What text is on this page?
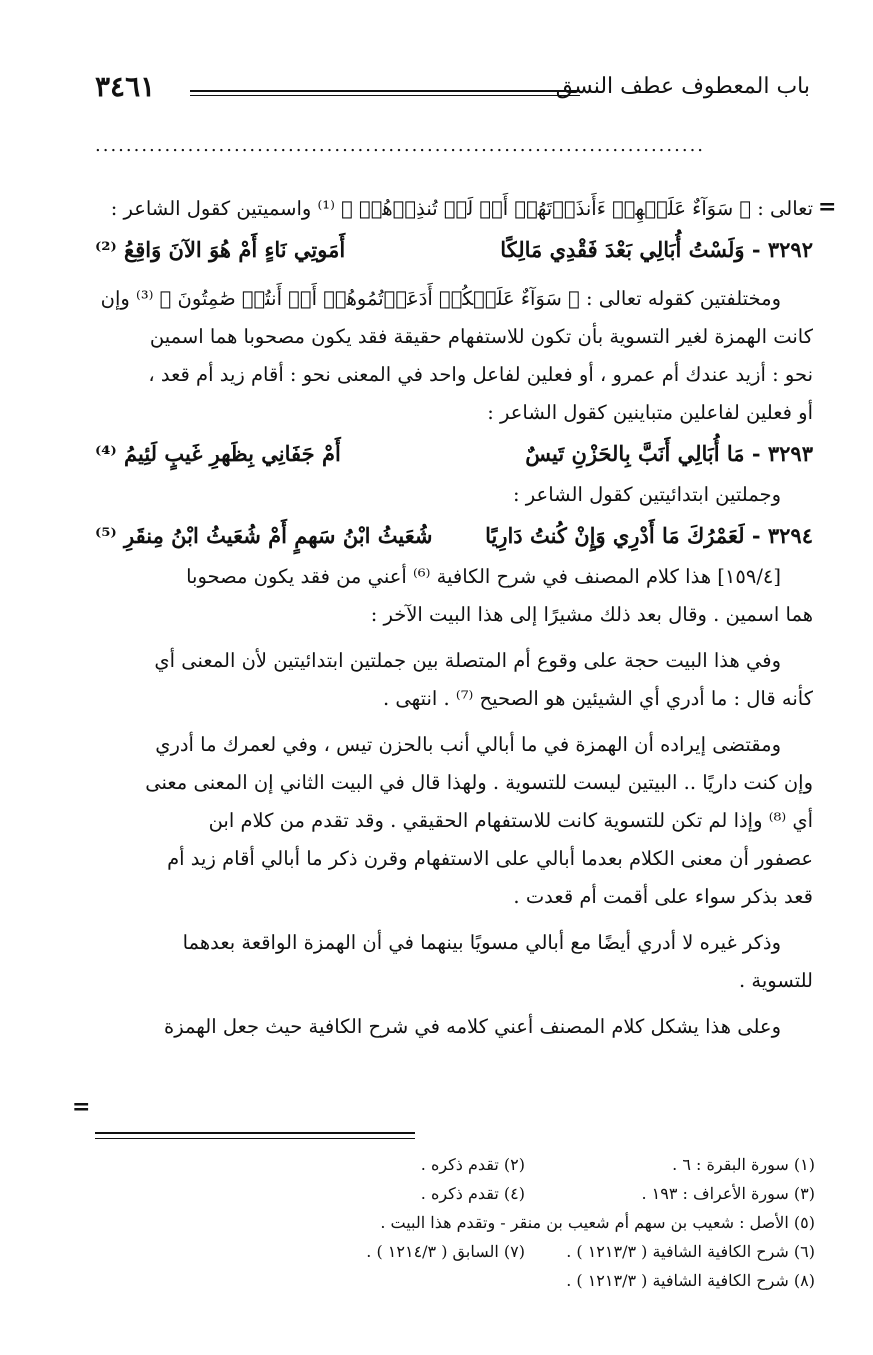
باب المعطوف عطف النسق
٣٤٦١
...............................................................................
=
تعالى : ﴿ سَوَآءٌ عَلَيۡهِمۡ ءَأَنذَرۡتَهُمۡ أَمۡ لَمۡ تُنذِرۡهُمۡ ﴾ ⁽¹⁾ واسميتين كقول الشاعر :
٣٢٩٢ - وَلَسْتُ أُبَالِي بَعْدَ فَقْدِي مَالِكًا
أَمَوتِي نَاءٍ أَمْ هُوَ الآنَ وَاقِعُ ⁽²⁾
ومختلفتين كقوله تعالى : ﴿ سَوَآءٌ عَلَيۡكُمۡ أَدَعَوۡتُمُوهُمۡ أَمۡ أَنتُمۡ صَٰمِتُونَ ﴾ ⁽³⁾ وإن
كانت الهمزة لغير التسوية بأن تكون للاستفهام حقيقة فقد يكون مصحوبا هما اسمين
نحو : أزيد عندك أم عمرو ، أو فعلين لفاعل واحد في المعنى نحو : أقام زيد أم قعد ،
أو فعلين لفاعلين متباينين كقول الشاعر :
٣٢٩٣ - مَا أُبَالِي أَنَبَّ بِالحَزْنِ تَيسٌ
أَمْ جَفَانِي بِظَهرِ غَيبٍ لَئِيمُ ⁽⁴⁾
وجملتين ابتدائيتين كقول الشاعر :
٣٢٩٤ - لَعَمْرُكَ مَا أَدْرِي وَإِنْ كُنتُ دَارِيًا
شُعَيثُ ابْنُ سَهمٍ أَمْ شُعَيثُ ابْنُ مِنقَرِ ⁽⁵⁾
[١٥٩/٤] هذا كلام المصنف في شرح الكافية ⁽⁶⁾ أعني من فقد يكون مصحوبا
هما اسمين . وقال بعد ذلك مشيرًا إلى هذا البيت الآخر :
وفي هذا البيت حجة على وقوع أم المتصلة بين جملتين ابتدائيتين لأن المعنى أي
كأنه قال : ما أدري أي الشيئين هو الصحيح ⁽⁷⁾ . انتهى .
ومقتضى إيراده أن الهمزة في ما أبالي أنب بالحزن تيس ، وفي لعمرك ما أدري
وإن كنت داريًا .. البيتين ليست للتسوية . ولهذا قال في البيت الثاني إن المعنى معنى
أي ⁽⁸⁾ وإذا لم تكن للتسوية كانت للاستفهام الحقيقي . وقد تقدم من كلام ابن
عصفور أن معنى الكلام بعدما أبالي على الاستفهام وقرن ذكر ما أبالي أقام زيد أم
قعد بذكر سواء على أقمت أم قعدت .
وذكر غيره لا أدري أيضًا مع أبالي مسويًا بينهما في أن الهمزة الواقعة بعدهما
للتسوية .
وعلى هذا يشكل كلام المصنف أعني كلامه في شرح الكافية حيث جعل الهمزة
=
(١) سورة البقرة : ٦ .
(٢) تقدم ذكره .
(٣) سورة الأعراف : ١٩٣ .
(٤) تقدم ذكره .
(٥) الأصل : شعيب بن سهم أم شعيب بن منقر - وتقدم هذا البيت .
(٦) شرح الكافية الشافية ( ١٢١٣/٣ ) .
(٧) السابق ( ١٢١٤/٣ ) .
(٨) شرح الكافية الشافية ( ١٢١٣/٣ ) .
